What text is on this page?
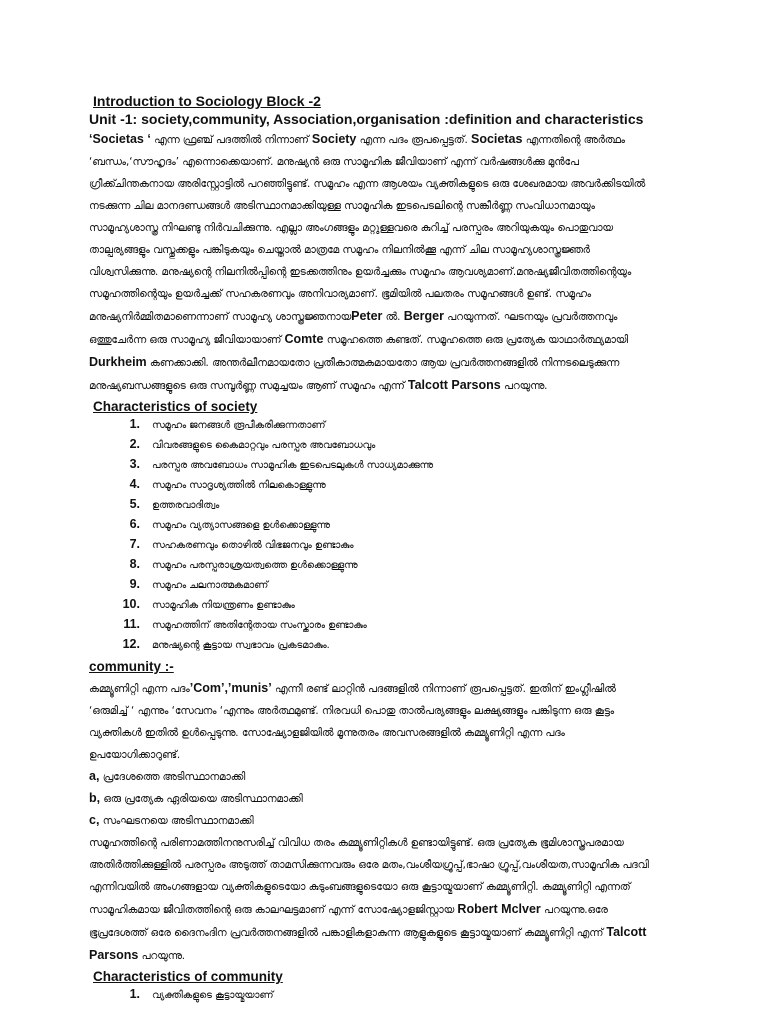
Introduction to Sociology Block -2
Unit -1: society,community, Association,organisation :definition and characteristics

‘Societas ‘ എന്ന ഫ്രഞ്ച് പദത്തിൽ നിന്നാണ് Society എന്ന പദം രൂപപ്പെട്ടത്. Societas എന്നതിന്റെ അർത്ഥം ‘ബന്ധം,‘സൗഹൃദം’ എന്നൊക്കെയാണ്. മനുഷ്യൻ ഒരു സാമൂഹിക ജീവിയാണ് എന്ന് വർഷങ്ങൾക്കു മുൻപേ ഗ്രീക്ക്ചിന്തകനായ അരിസ്റ്റോട്ടിൽ പറഞ്ഞിട്ടുണ്ട്. സമൂഹം എന്ന ആശയം വ്യക്തികളുടെ ഒരു ശേഖരമായ അവർക്കിടയിൽ നടക്കുന്ന ചില മാനദണ്ഡങ്ങൾ അടിസ്ഥാനമാക്കിയുള്ള സാമൂഹിക ഇടപെടലിന്റെ സങ്കീർണ്ണ സംവിധാനമായും സാമൂഹ്യശാസ്ത്ര നിഘണ്ടു നിർവചിക്കുന്നു. എല്ലാ അംഗങ്ങളും മറ്റുള്ളവരെ കുറിച്ച് പരസ്പരം അറിയുകയും പൊതുവായ താല്പര്യങ്ങളും വസ്തുക്കളും പങ്കിടുകയും ചെയ്താൽ മാത്രമേ സമൂഹം നിലനിൽക്കൂ എന്ന് ചില സാമൂഹ്യശാസ്ത്രജ്ഞർ വിശ്വസിക്കുന്നു. മനുഷ്യന്റെ നിലനിൽപ്പിന്റെ ഇടക്കത്തിനും ഉയർച്ചക്കും സമൂഹം ആവശ്യമാണ്.മനുഷ്യജീവിതത്തിന്റെയും സമൂഹത്തിന്റെയും ഉയർച്ചക്ക് സഹകരണവും അനിവാര്യമാണ്. ഭൂമിയിൽ പലതരം സമൂഹങ്ങൾ ഉണ്ട്. സമൂഹം മനുഷ്യനിർമ്മിതമാണെന്നാണ് സാമൂഹ്യ ശാസ്ത്രജ്ഞനായPeter ൽ. Berger പറയുന്നത്. ഘടനയും പ്രവർത്തനവും ഒത്തുചേർന്ന ഒരു സാമൂഹ്യ ജീവിയായാണ് Comte സമൂഹത്തെ കണ്ടത്. സമൂഹത്തെ ഒരു പ്രത്യേക യാഥാർത്ഥ്യമായി Durkheim കണക്കാക്കി. അന്തർലീനമായതോ പ്രതീകാത്മകമായതോ ആയ പ്രവർത്തനങ്ങളിൽ നിന്നടലെടുക്കുന്ന മനുഷ്യബന്ധങ്ങളുടെ ഒരു സമ്പൂർണ്ണ സമുച്ചയം ആണ് സമൂഹം എന്ന് Talcott Parsons പറയുന്നു.

Characteristics of society
1. സമൂഹം ജനങ്ങൾ രൂപീകരിക്കുന്നതാണ്
2. വിവരങ്ങളുടെ കൈമാറ്റവും പരസ്പര അവബോധവും
3. പരസ്പര അവബോധം സാമൂഹിക ഇടപെടലുകൾ സാധ്യമാക്കുന്നു
4. സമൂഹം സാദൃശ്യത്തിൽ നിലകൊള്ളുന്നു
5. ഉത്തരവാദിത്വം
6. സമൂഹം വ്യത്യാസങ്ങളെ ഉൾക്കൊള്ളുന്നു
7. സഹകരണവും തൊഴിൽ വിഭജനവും ഉണ്ടാകും
8. സമൂഹം പരസ്പരാശ്രയത്വത്തെ ഉൾക്കൊള്ളുന്നു
9. സമൂഹം ചലനാത്മകമാണ്
10. സാമൂഹിക നിയന്ത്രണം ഉണ്ടാകും
11. സമൂഹത്തിന് അതിന്റേതായ സംസ്കാരം ഉണ്ടാകും
12. മനുഷ്യന്റെ കൂട്ടായ സ്വഭാവം പ്രകടമാകും.
community :-

കമ്മ്യൂണിറ്റി എന്ന പദം’Com’,’munis’ എന്നീ രണ്ട് ലാറ്റിൻ പദങ്ങളിൽ നിന്നാണ് രൂപപ്പെട്ടത്. ഇതിന് ഇംഗ്ലീഷിൽ ‘ഒരുമിച്ച് ‘ എന്നും ‘സേവനം ‘എന്നും അർത്ഥമുണ്ട്. നിരവധി പൊതു താൽപര്യങ്ങളും ലക്ഷ്യങ്ങളും പങ്കിടുന്ന ഒരു കൂട്ടം വ്യക്തികൾ ഇതിൽ ഉൾപ്പെടുന്നു. സോഷ്യോളജിയിൽ മൂന്നുതരം അവസരങ്ങളിൽ കമ്മ്യൂണിറ്റി എന്ന പദം ഉപയോഗിക്കാറുണ്ട്.

a, പ്രദേശത്തെ അടിസ്ഥാനമാക്കി
b, ഒരു പ്രത്യേക ഏരിയയെ അടിസ്ഥാനമാക്കി
c, സംഘടനയെ അടിസ്ഥാനമാക്കി

സമൂഹത്തിന്റെ പരിണാമത്തിനനുസരിച്ച് വിവിധ തരം കമ്മ്യൂണിറ്റികൾ ഉണ്ടായിട്ടുണ്ട്. ഒരു പ്രത്യേക ഭൂമിശാസ്ത്രപരമായ അതിർത്തിക്കുള്ളിൽ പരസ്പരം അടുത്ത് താമസിക്കുന്നവരും ഒരേ മതം,വംശീയഗ്രൂപ്പ്,ഭാഷാ ഗ്രൂപ്പ്,വംശീയത,സാമൂഹിക പദവി എന്നിവയിൽ അംഗങ്ങളായ വ്യക്തികളുടെയോ കുടുംബങ്ങളുടെയോ ഒരു കൂട്ടായ്മയാണ് കമ്മ്യൂണിറ്റി. കമ്മ്യൂണിറ്റി എന്നത് സാമൂഹികമായ ജീവിതത്തിന്റെ ഒരു കാലഘട്ടമാണ് എന്ന് സോഷ്യോളജിസ്റ്റായ Robert Mclver പറയുന്നു.ഒരേ ഭൂപ്രദേശത്ത് ഒരേ ദൈനംദിന പ്രവർത്തനങ്ങളിൽ പങ്കാളികളാകുന്ന ആളുകളുടെ കൂട്ടായ്മയാണ് കമ്മ്യൂണിറ്റി എന്ന് Talcott Parsons പറയുന്നു.

Characteristics of community
1. വ്യക്തികളുടെ കൂട്ടായ്മയാണ്
